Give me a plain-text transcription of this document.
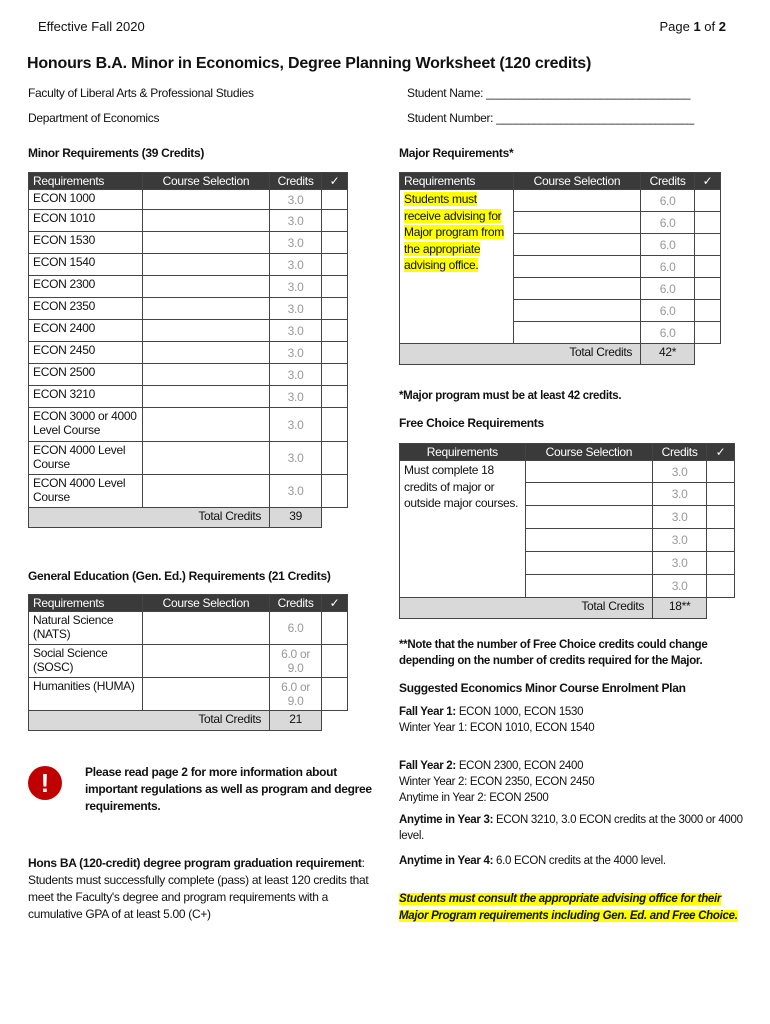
Effective Fall 2020	Page 1 of 2
Honours B.A. Minor in Economics, Degree Planning Worksheet (120 credits)
Faculty of Liberal Arts & Professional Studies
Department of Economics
Student Name: ________________________________
Student Number: _______________________________
Minor Requirements (39 Credits)
Requirements	Course Selection	Credits	✓
ECON 1000		3.0	
ECON 1010		3.0	
ECON 1530		3.0	
ECON 1540		3.0	
ECON 2300		3.0	
ECON 2350		3.0	
ECON 2400		3.0	
ECON 2450		3.0	
ECON 2500		3.0	
ECON 3210		3.0	
ECON 3000 or 4000 Level Course		3.0	
ECON 4000 Level Course		3.0	
ECON 4000 Level Course		3.0	
Total Credits		39	
Major Requirements*
Requirements	Course Selection	Credits	✓
Students must receive advising for Major program from the appropriate advising office.		6.0	
		6.0	
		6.0	
		6.0	
		6.0	
		6.0	
		6.0	
Total Credits		42*	
*Major program must be at least 42 credits.
Free Choice Requirements
Requirements	Course Selection	Credits	✓
Must complete 18 credits of major or outside major courses.		3.0	
		3.0	
		3.0	
		3.0	
		3.0	
		3.0	
Total Credits		18**	
**Note that the number of Free Choice credits could change depending on the number of credits required for the Major.
General Education (Gen. Ed.) Requirements (21 Credits)
Requirements	Course Selection	Credits	✓
Natural Science (NATS)		6.0	
Social Science (SOSC)		6.0 or 9.0	
Humanities (HUMA)		6.0 or 9.0	
Total Credits		21	
!	Please read page 2 for more information about important regulations as well as program and degree requirements.
Hons BA (120-credit) degree program graduation requirement: Students must successfully complete (pass) at least 120 credits that meet the Faculty's degree and program requirements with a cumulative GPA of at least 5.00 (C+)
Suggested Economics Minor Course Enrolment Plan
Fall Year 1: ECON 1000, ECON 1530
Winter Year 1: ECON 1010, ECON 1540
Fall Year 2: ECON 2300, ECON 2400
Winter Year 2: ECON 2350, ECON 2450
Anytime in Year 2: ECON 2500
Anytime in Year 3: ECON 3210, 3.0 ECON credits at the 3000 or 4000 level.
Anytime in Year 4: 6.0 ECON credits at the 4000 level.
Students must consult the appropriate advising office for their Major Program requirements including Gen. Ed. and Free Choice.
